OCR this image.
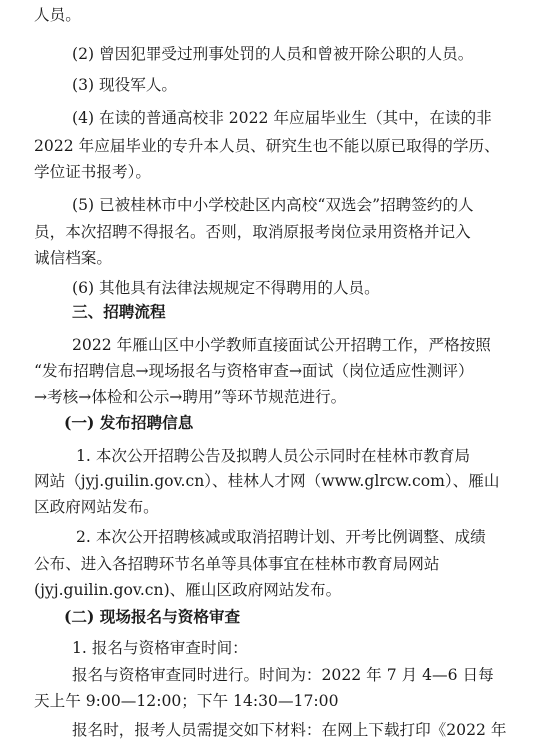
人员。
(2) 曾因犯罪受过刑事处罚的人员和曾被开除公职的人员。
(3) 现役军人。
(4) 在读的普通高校非 2022 年应届毕业生（其中，在读的非
2022 年应届毕业的专升本人员、研究生也不能以原已取得的学历、
学位证书报考）。
(5) 已被桂林市中小学校赴区内高校“双选会”招聘签约的人
员，本次招聘不得报名。否则，取消原报考岗位录用资格并记入
诚信档案。
(6) 其他具有法律法规规定不得聘用的人员。
三、招聘流程
2022 年雁山区中小学教师直接面试公开招聘工作，严格按照
“发布招聘信息→现场报名与资格审查→面试（岗位适应性测评）
→考核→体检和公示→聘用”等环节规范进行。
(一) 发布招聘信息
1. 本次公开招聘公告及拟聘人员公示同时在桂林市教育局
网站（jyj.guilin.gov.cn）、桂林人才网（www.glrcw.com）、雁山
区政府网站发布。
2. 本次公开招聘核减或取消招聘计划、开考比例调整、成绩
公布、进入各招聘环节名单等具体事宜在桂林市教育局网站
(jyj.guilin.gov.cn)、雁山区政府网站发布。
(二) 现场报名与资格审查
1. 报名与资格审查时间：
报名与资格审查同时进行。时间为：2022 年 7 月 4—6 日每
天上午 9:00—12:00；下午 14:30—17:00
报名时，报考人员需提交如下材料：在网上下载打印《2022 年
